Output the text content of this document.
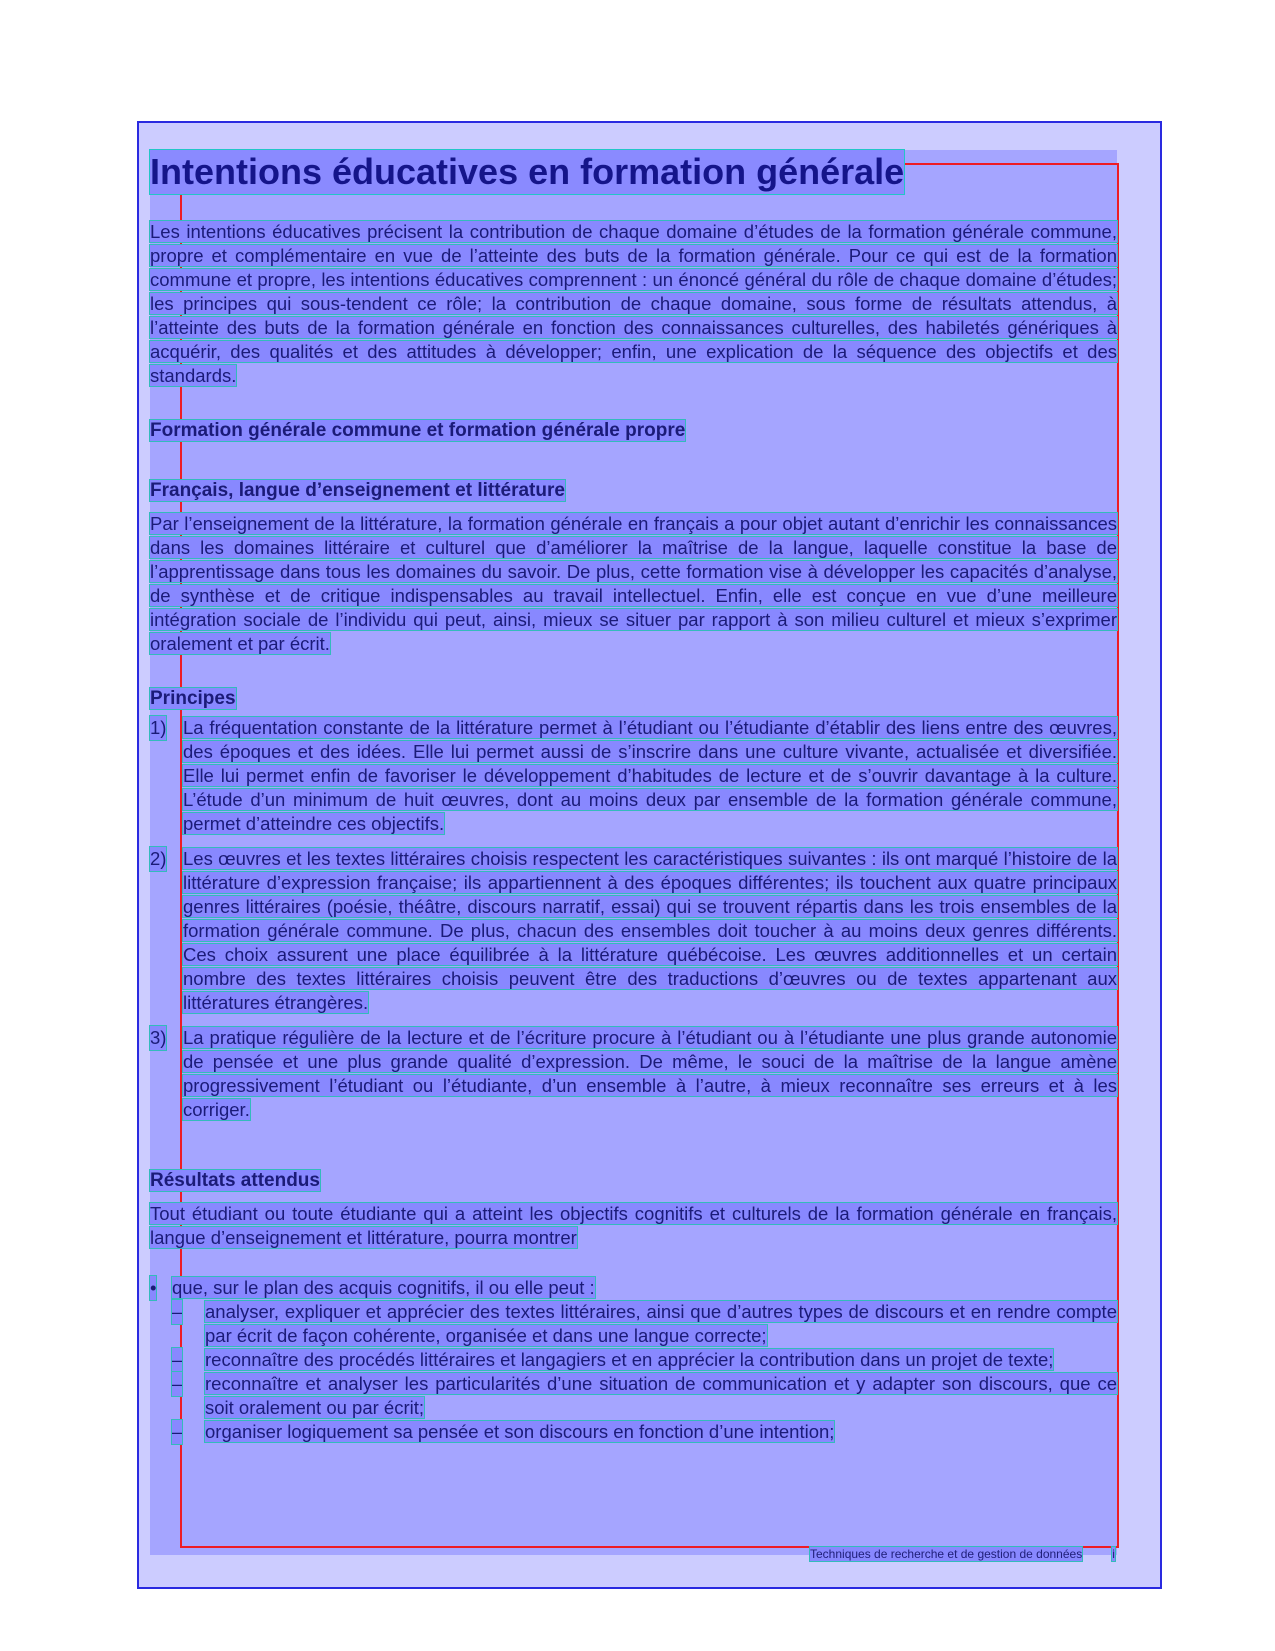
Intentions éducatives en formation générale

Les intentions éducatives précisent la contribution de chaque domaine d’études de la formation générale commune, propre et complémentaire en vue de l’atteinte des buts de la formation générale. Pour ce qui est de la formation commune et propre, les intentions éducatives comprennent : un énoncé général du rôle de chaque domaine d’études; les principes qui sous-tendent ce rôle; la contribution de chaque domaine, sous forme de résultats attendus, à l’atteinte des buts de la formation générale en fonction des connaissances culturelles, des habiletés génériques à acquérir, des qualités et des attitudes à développer; enfin, une explication de la séquence des objectifs et des standards.

Formation générale commune et formation générale propre
Français, langue d’enseignement et littérature

Par l’enseignement de la littérature, la formation générale en français a pour objet autant d’enrichir les connaissances dans les domaines littéraire et culturel que d’améliorer la maîtrise de la langue, laquelle constitue la base de l’apprentissage dans tous les domaines du savoir. De plus, cette formation vise à développer les capacités d’analyse, de synthèse et de critique indispensables au travail intellectuel. Enfin, elle est conçue en vue d’une meilleure intégration sociale de l’individu qui peut, ainsi, mieux se situer par rapport à son milieu culturel et mieux s’exprimer oralement et par écrit.

Principes
1) La fréquentation constante de la littérature permet à l’étudiant ou l’étudiante d’établir des liens entre des œuvres, des époques et des idées. Elle lui permet aussi de s’inscrire dans une culture vivante, actualisée et diversifiée. Elle lui permet enfin de favoriser le développement d’habitudes de lecture et de s’ouvrir davantage à la culture. L’étude d’un minimum de huit œuvres, dont au moins deux par ensemble de la formation générale commune, permet d’atteindre ces objectifs.
2) Les œuvres et les textes littéraires choisis respectent les caractéristiques suivantes : ils ont marqué l’histoire de la littérature d’expression française; ils appartiennent à des époques différentes; ils touchent aux quatre principaux genres littéraires (poésie, théâtre, discours narratif, essai) qui se trouvent répartis dans les trois ensembles de la formation générale commune. De plus, chacun des ensembles doit toucher à au moins deux genres différents. Ces choix assurent une place équilibrée à la littérature québécoise. Les œuvres additionnelles et un certain nombre des textes littéraires choisis peuvent être des traductions d’œuvres ou de textes appartenant aux littératures étrangères.
3) La pratique régulière de la lecture et de l’écriture procure à l’étudiant ou à l’étudiante une plus grande autonomie de pensée et une plus grande qualité d’expression. De même, le souci de la maîtrise de la langue amène progressivement l’étudiant ou l’étudiante, d’un ensemble à l’autre, à mieux reconnaître ses erreurs et à les corriger.
Résultats attendus

Tout étudiant ou toute étudiante qui a atteint les objectifs cognitifs et culturels de la formation générale en français, langue d’enseignement et littérature, pourra montrer

• que, sur le plan des acquis cognitifs, il ou elle peut :
– analyser, expliquer et apprécier des textes littéraires, ainsi que d’autres types de discours et en rendre compte par écrit de façon cohérente, organisée et dans une langue correcte;
– reconnaître des procédés littéraires et langagiers et en apprécier la contribution dans un projet de texte;
– reconnaître et analyser les particularités d’une situation de communication et y adapter son discours, que ce soit oralement ou par écrit;
– organiser logiquement sa pensée et son discours en fonction d’une intention;
Techniques de recherche et de gestion de données	i
